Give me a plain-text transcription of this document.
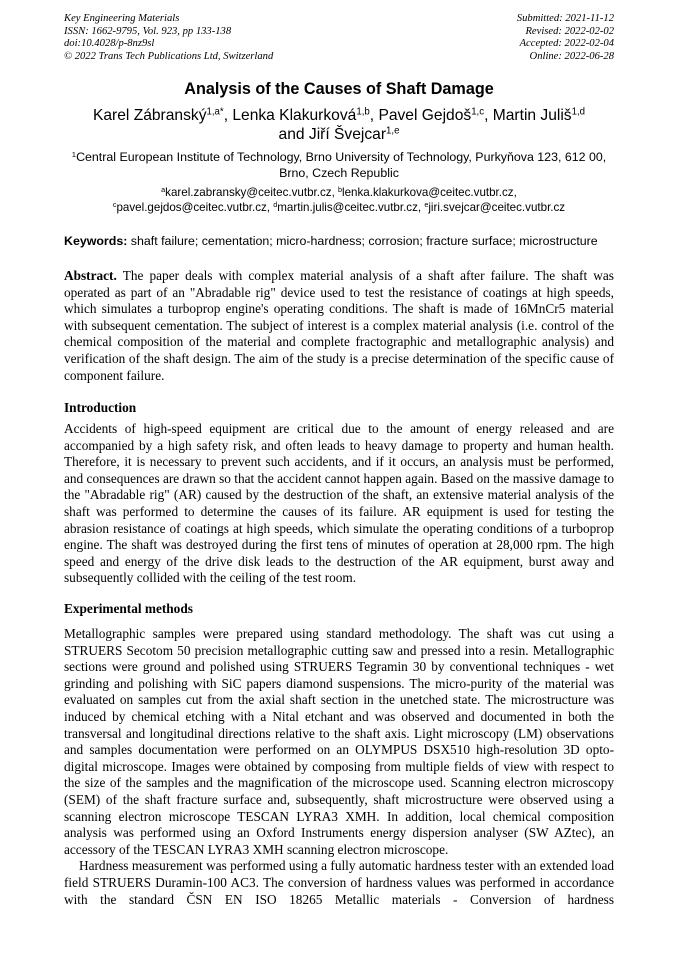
Key Engineering Materials
ISSN: 1662-9795, Vol. 923, pp 133-138
doi:10.4028/p-8nz9sl
© 2022 Trans Tech Publications Ltd, Switzerland
Submitted: 2021-11-12
Revised: 2022-02-02
Accepted: 2022-02-04
Online: 2022-06-28
Analysis of the Causes of Shaft Damage
Karel Zábranský$^{1,a*}$, Lenka Klakurková$^{1,b}$, Pavel Gejdoš$^{1,c}$, Martin Juliš$^{1,d}$
and Jiří Švejcar$^{1,e}$
$^1$Central European Institute of Technology, Brno University of Technology, Purkyňova 123, 612 00,
Brno, Czech Republic
$^a$karel.zabransky@ceitec.vutbr.cz, $^b$lenka.klakurkova@ceitec.vutbr.cz,
$^c$pavel.gejdos@ceitec.vutbr.cz, $^d$martin.julis@ceitec.vutbr.cz, $^e$jiri.svejcar@ceitec.vutbr.cz
Keywords: shaft failure; cementation; micro-hardness; corrosion; fracture surface; microstructure

Abstract. The paper deals with complex material analysis of a shaft after failure. The shaft was operated as part of an "Abradable rig" device used to test the resistance of coatings at high speeds, which simulates a turboprop engine's operating conditions. The shaft is made of 16MnCr5 material with subsequent cementation. The subject of interest is a complex material analysis (i.e. control of the chemical composition of the material and complete fractographic and metallographic analysis) and verification of the shaft design. The aim of the study is a precise determination of the specific cause of component failure.

Introduction

Accidents of high-speed equipment are critical due to the amount of energy released and are accompanied by a high safety risk, and often leads to heavy damage to property and human health. Therefore, it is necessary to prevent such accidents, and if it occurs, an analysis must be performed, and consequences are drawn so that the accident cannot happen again. Based on the massive damage to the "Abradable rig" (AR) caused by the destruction of the shaft, an extensive material analysis of the shaft was performed to determine the causes of its failure. AR equipment is used for testing the abrasion resistance of coatings at high speeds, which simulate the operating conditions of a turboprop engine. The shaft was destroyed during the first tens of minutes of operation at 28,000 rpm. The high speed and energy of the drive disk leads to the destruction of the AR equipment, burst away and subsequently collided with the ceiling of the test room.

Experimental methods

Metallographic samples were prepared using standard methodology. The shaft was cut using a STRUERS Secotom 50 precision metallographic cutting saw and pressed into a resin. Metallographic sections were ground and polished using STRUERS Tegramin 30 by conventional techniques - wet grinding and polishing with SiC papers diamond suspensions. The micro-purity of the material was evaluated on samples cut from the axial shaft section in the unetched state. The microstructure was induced by chemical etching with a Nital etchant and was observed and documented in both the transversal and longitudinal directions relative to the shaft axis. Light microscopy (LM) observations and samples documentation were performed on an OLYMPUS DSX510 high-resolution 3D opto-digital microscope. Images were obtained by composing from multiple fields of view with respect to the size of the samples and the magnification of the microscope used. Scanning electron microscopy (SEM) of the shaft fracture surface and, subsequently, shaft microstructure were observed using a scanning electron microscope TESCAN LYRA3 XMH. In addition, local chemical composition analysis was performed using an Oxford Instruments energy dispersion analyser (SW AZtec), an accessory of the TESCAN LYRA3 XMH scanning electron microscope.

Hardness measurement was performed using a fully automatic hardness tester with an extended load field STRUERS Duramin-100 AC3. The conversion of hardness values was performed in accordance with the standard ČSN EN ISO 18265 Metallic materials - Conversion of hardness
